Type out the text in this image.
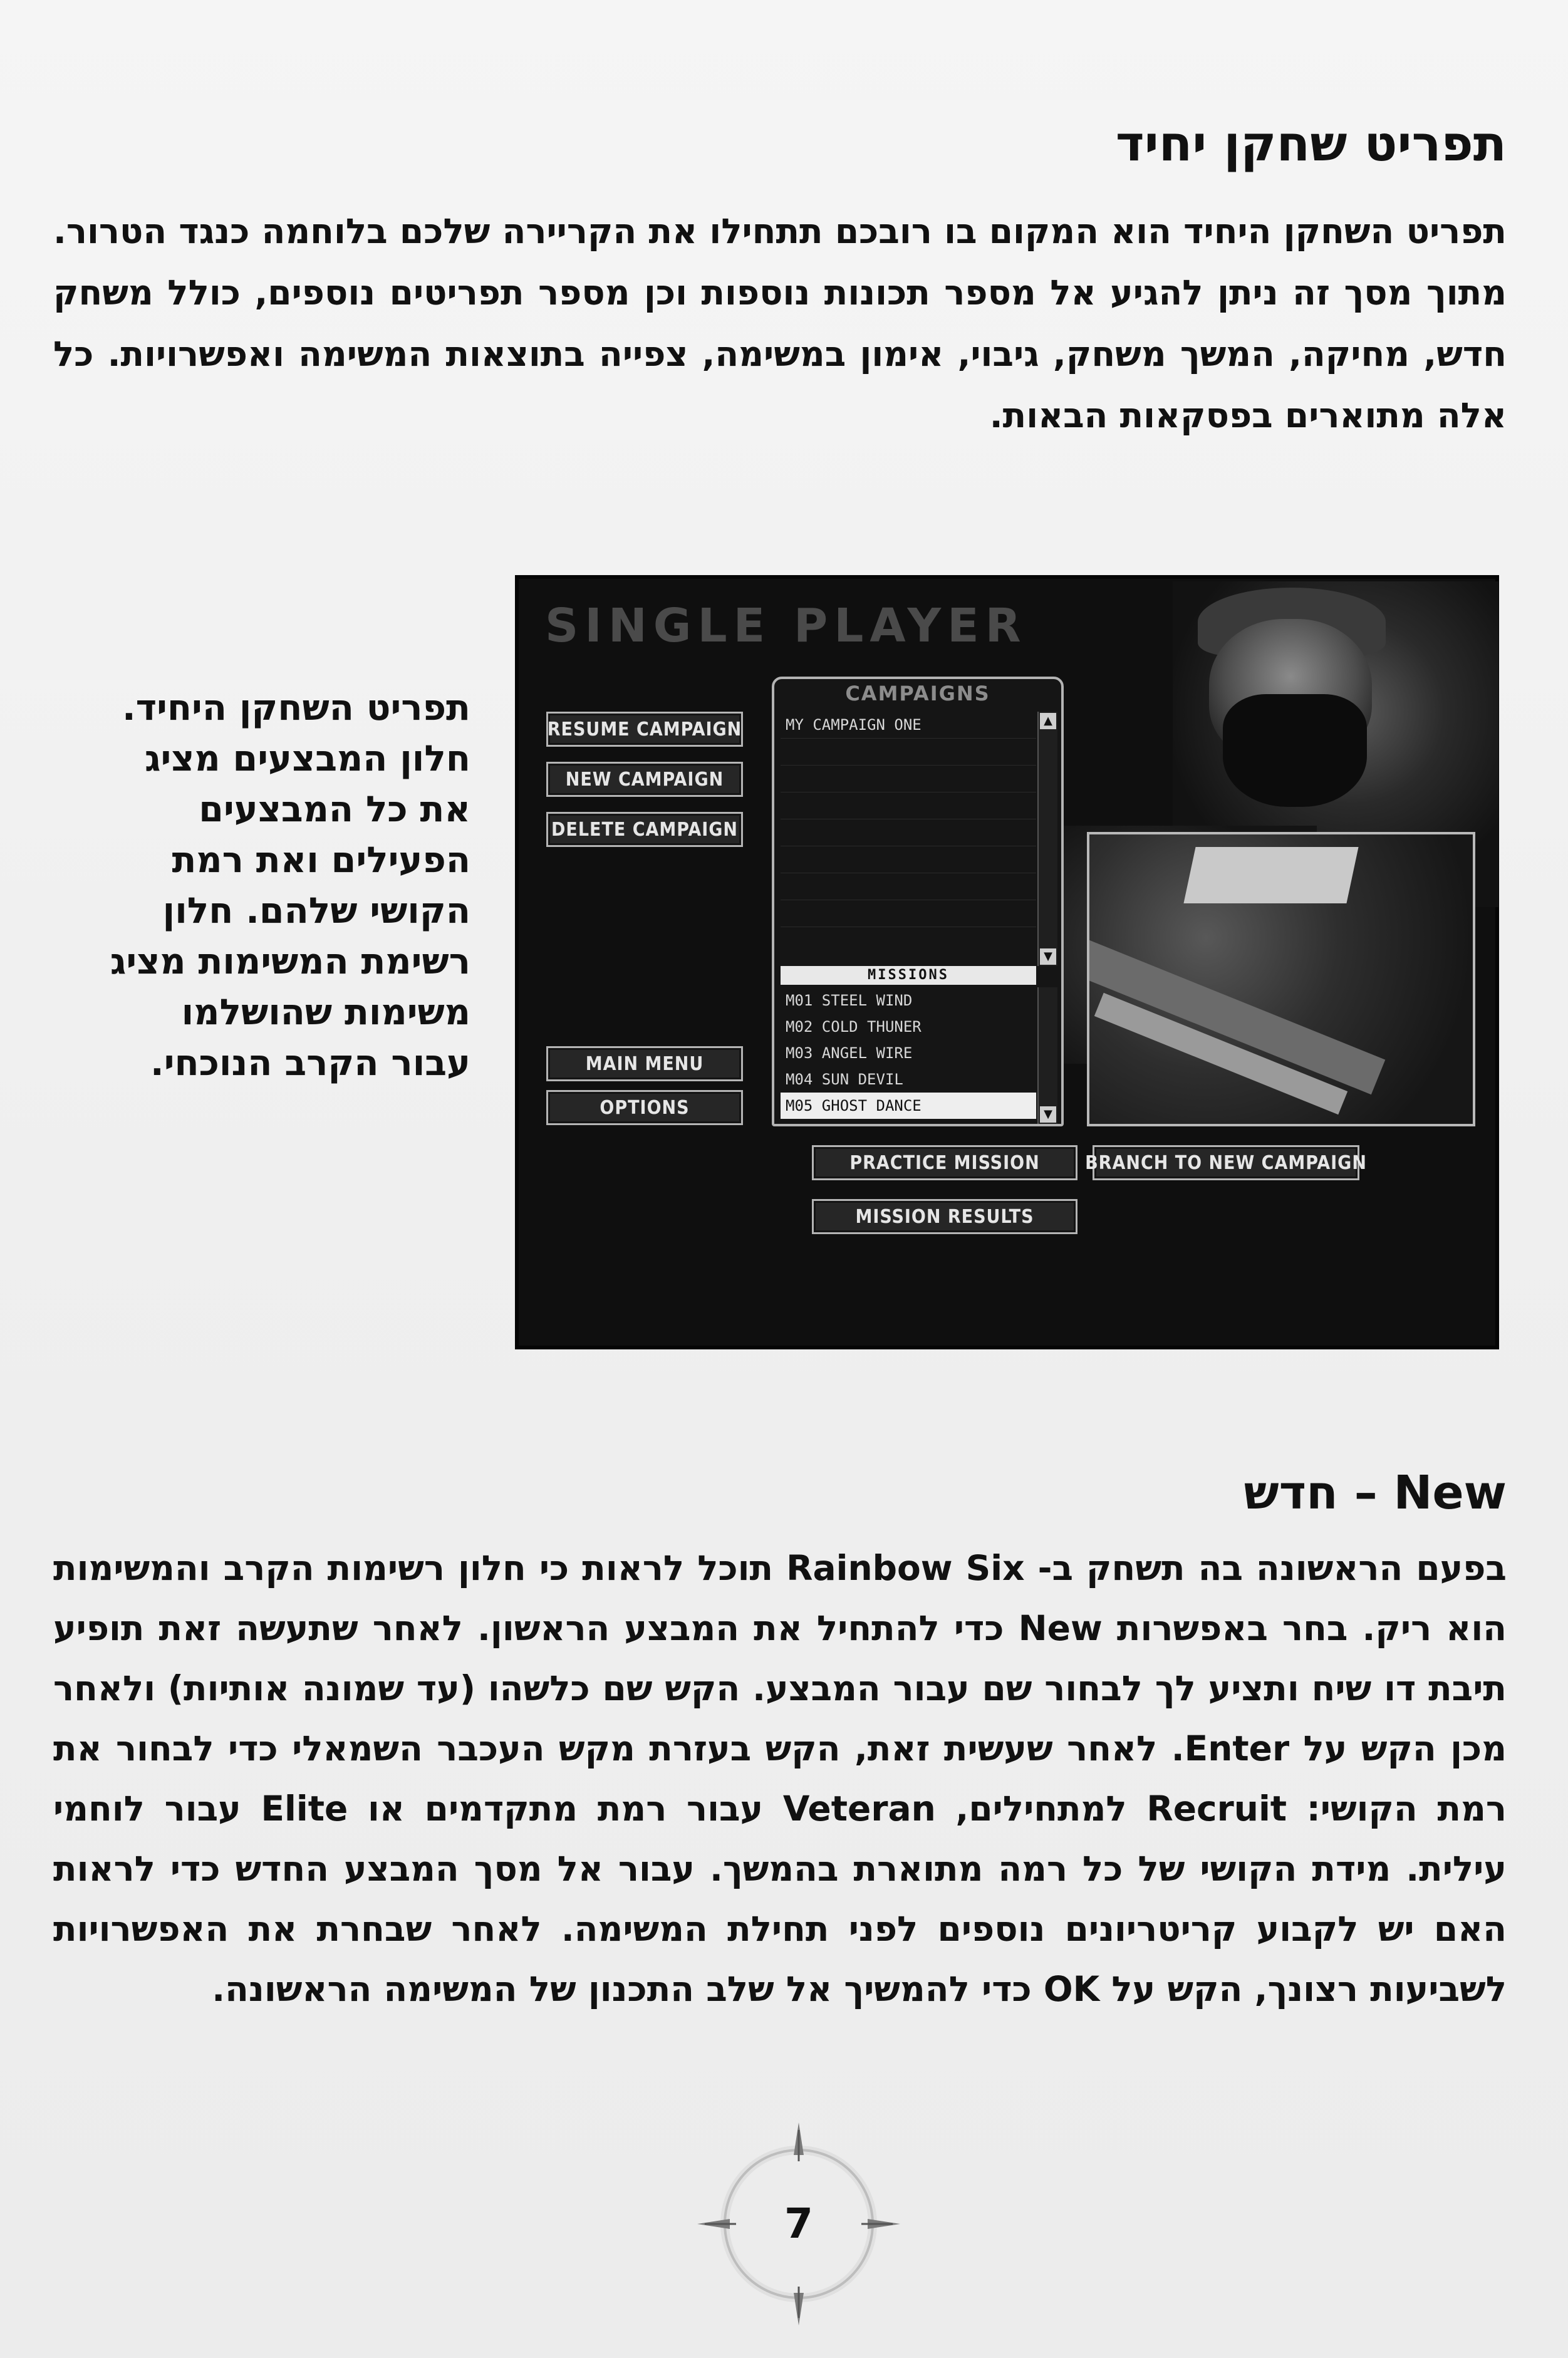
תפריט שחקן יחיד

תפריט השחקן היחיד הוא המקום בו רובכם תתחילו את הקריירה שלכם בלוחמה כנגד הטרור. מתוך מסך זה ניתן להגיע אל מספר תכונות נוספות וכן מספר תפריטים נוספים, כולל משחק חדש, מחיקה, המשך משחק, גיבוי, אימון במשימה, צפייה בתוצאות המשימה ואפשרויות. כל אלה מתוארים בפסקאות הבאות.

תפריט השחקן היחיד. חלון המבצעים מציג את כל המבצעים הפעילים ואת רמת הקושי שלהם. חלון רשימת המשימות מציג משימות שהושלמו עבור הקרב הנוכחי.

SINGLE PLAYER
RESUME CAMPAIGN
NEW CAMPAIGN
DELETE CAMPAIGN
MAIN MENU
OPTIONS
PRACTICE MISSION	BRANCH TO NEW CAMPAIGN
MISSION RESULTS
CAMPAIGNS
MY CAMPAIGN ONE

	▲
▼
MISSIONS
M01 STEEL WIND
M02 COLD THUNER
M03 ANGEL WIRE
M04 SUN DEVIL
M05 GHOST DANCE	▼
New – חדש

בפעם הראשונה בה תשחק ב- Rainbow Six תוכל לראות כי חלון רשימות הקרב והמשימות הוא ריק. בחר באפשרות New כדי להתחיל את המבצע הראשון. לאחר שתעשה זאת תופיע תיבת דו שיח ותציע לך לבחור שם עבור המבצע. הקש שם כלשהו (עד שמונה אותיות) ולאחר מכן הקש על Enter. לאחר שעשית זאת, הקש בעזרת מקש העכבר השמאלי כדי לבחור את רמת הקושי: Recruit למתחילים, Veteran עבור רמת מתקדמים או Elite עבור לוחמי עילית. מידת הקושי של כל רמה מתוארת בהמשך. עבור אל מסך המבצע החדש כדי לראות האם יש לקבוע קריטריונים נוספים לפני תחילת המשימה. לאחר שבחרת את האפשרויות לשביעות רצונך, הקש על OK כדי להמשיך אל שלב התכנון של המשימה הראשונה.

7
